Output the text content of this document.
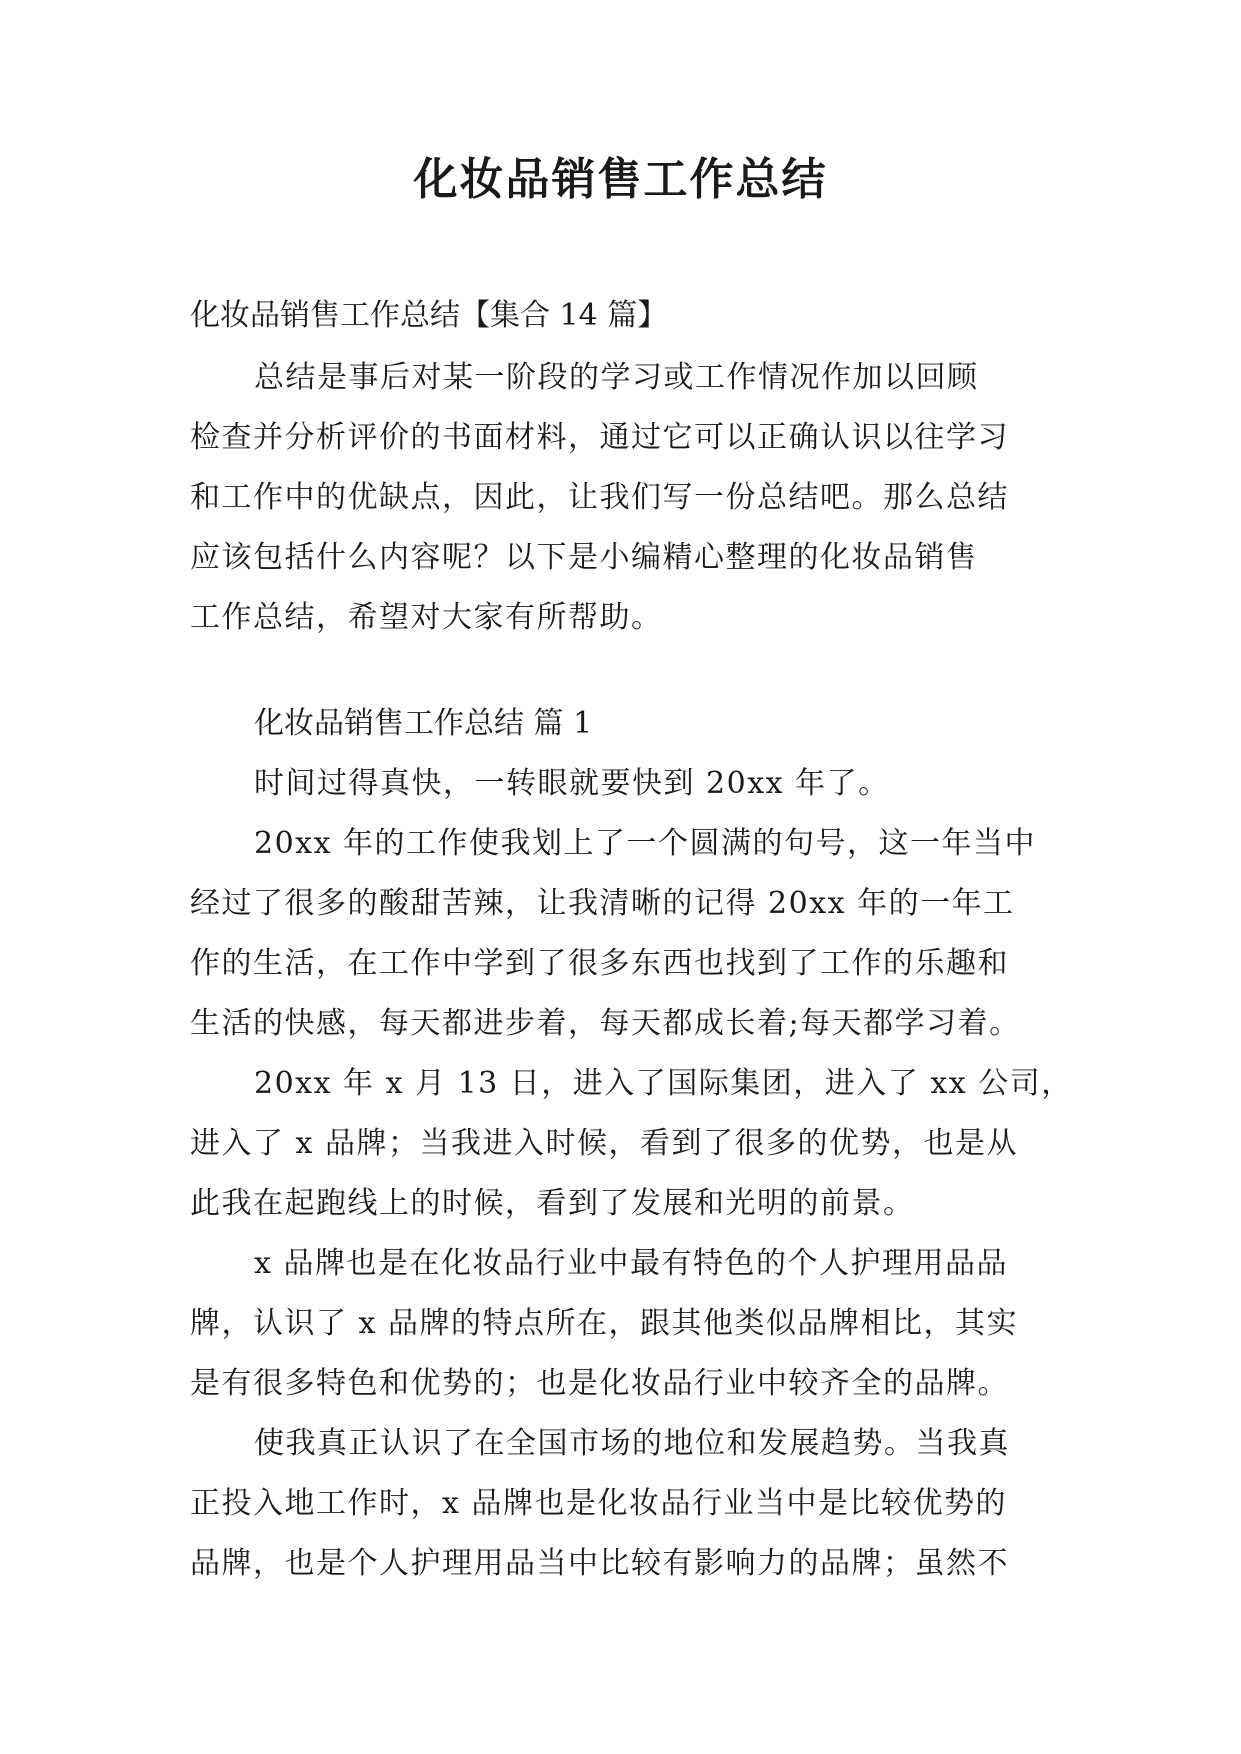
化妆品销售工作总结
化妆品销售工作总结【集合 14 篇】
总结是事后对某一阶段的学习或工作情况作加以回顾
检查并分析评价的书面材料，通过它可以正确认识以往学习
和工作中的优缺点，因此，让我们写一份总结吧。那么总结
应该包括什么内容呢？以下是小编精心整理的化妆品销售
工作总结，希望对大家有所帮助。
化妆品销售工作总结 篇 1
时间过得真快，一转眼就要快到 20xx 年了。
20xx 年的工作使我划上了一个圆满的句号，这一年当中
经过了很多的酸甜苦辣，让我清晰的记得 20xx 年的一年工
作的生活，在工作中学到了很多东西也找到了工作的乐趣和
生活的快感，每天都进步着，每天都成长着;每天都学习着。
20xx 年 x 月 13 日，进入了国际集团，进入了 xx 公司，
进入了 x 品牌；当我进入时候，看到了很多的优势，也是从
此我在起跑线上的时候，看到了发展和光明的前景。
x 品牌也是在化妆品行业中最有特色的个人护理用品品
牌，认识了 x 品牌的特点所在，跟其他类似品牌相比，其实
是有很多特色和优势的；也是化妆品行业中较齐全的品牌。
使我真正认识了在全国市场的地位和发展趋势。当我真
正投入地工作时，x 品牌也是化妆品行业当中是比较优势的
品牌，也是个人护理用品当中比较有影响力的品牌；虽然不
